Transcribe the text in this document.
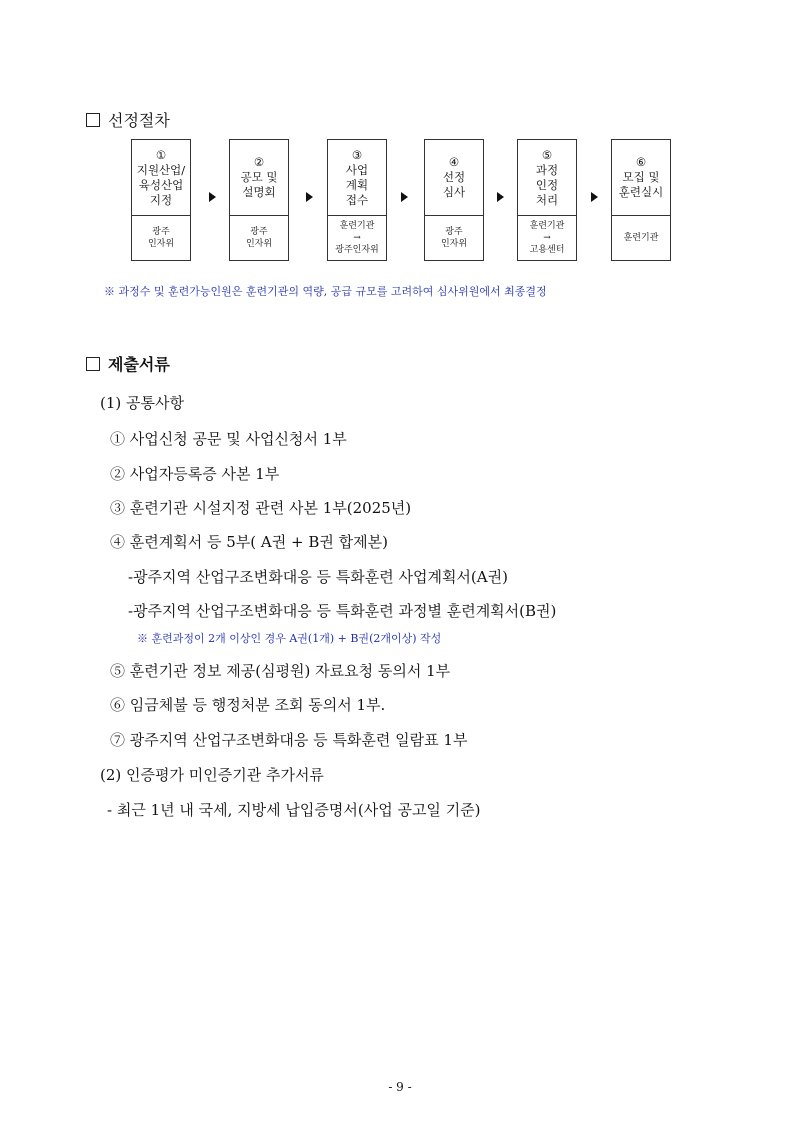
선정절차
①
지원산업/
육성산업
지정
광주
인자위
②
공모 및
설명회
광주
인자위
③
사업
계획
접수
훈련기관
→
광주인자위
④
선정
심사
광주
인자위
⑤
과정
인정
처리
훈련기관
→
고용센터
⑥
모집 및
훈련실시
훈련기관
※ 과정수 및 훈련가능인원은 훈련기관의 역량, 공급 규모를 고려하여 심사위원에서 최종결정
제출서류
(1) 공통사항
① 사업신청 공문 및 사업신청서 1부
② 사업자등록증 사본 1부
③ 훈련기관 시설지정 관련 사본 1부(2025년)
④ 훈련계획서 등 5부( A권 + B권 합제본)
-광주지역 산업구조변화대응 등 특화훈련 사업계획서(A권)
-광주지역 산업구조변화대응 등 특화훈련 과정별 훈련계획서(B권)
※ 훈련과정이 2개 이상인 경우 A권(1개) + B권(2개이상) 작성
⑤ 훈련기관 정보 제공(심평원) 자료요청 동의서 1부
⑥ 임금체불 등 행정처분 조회 동의서 1부.
⑦ 광주지역 산업구조변화대응 등 특화훈련 일람표 1부
(2) 인증평가 미인증기관 추가서류
- 최근 1년 내 국세, 지방세 납입증명서(사업 공고일 기준)
- 9 -
